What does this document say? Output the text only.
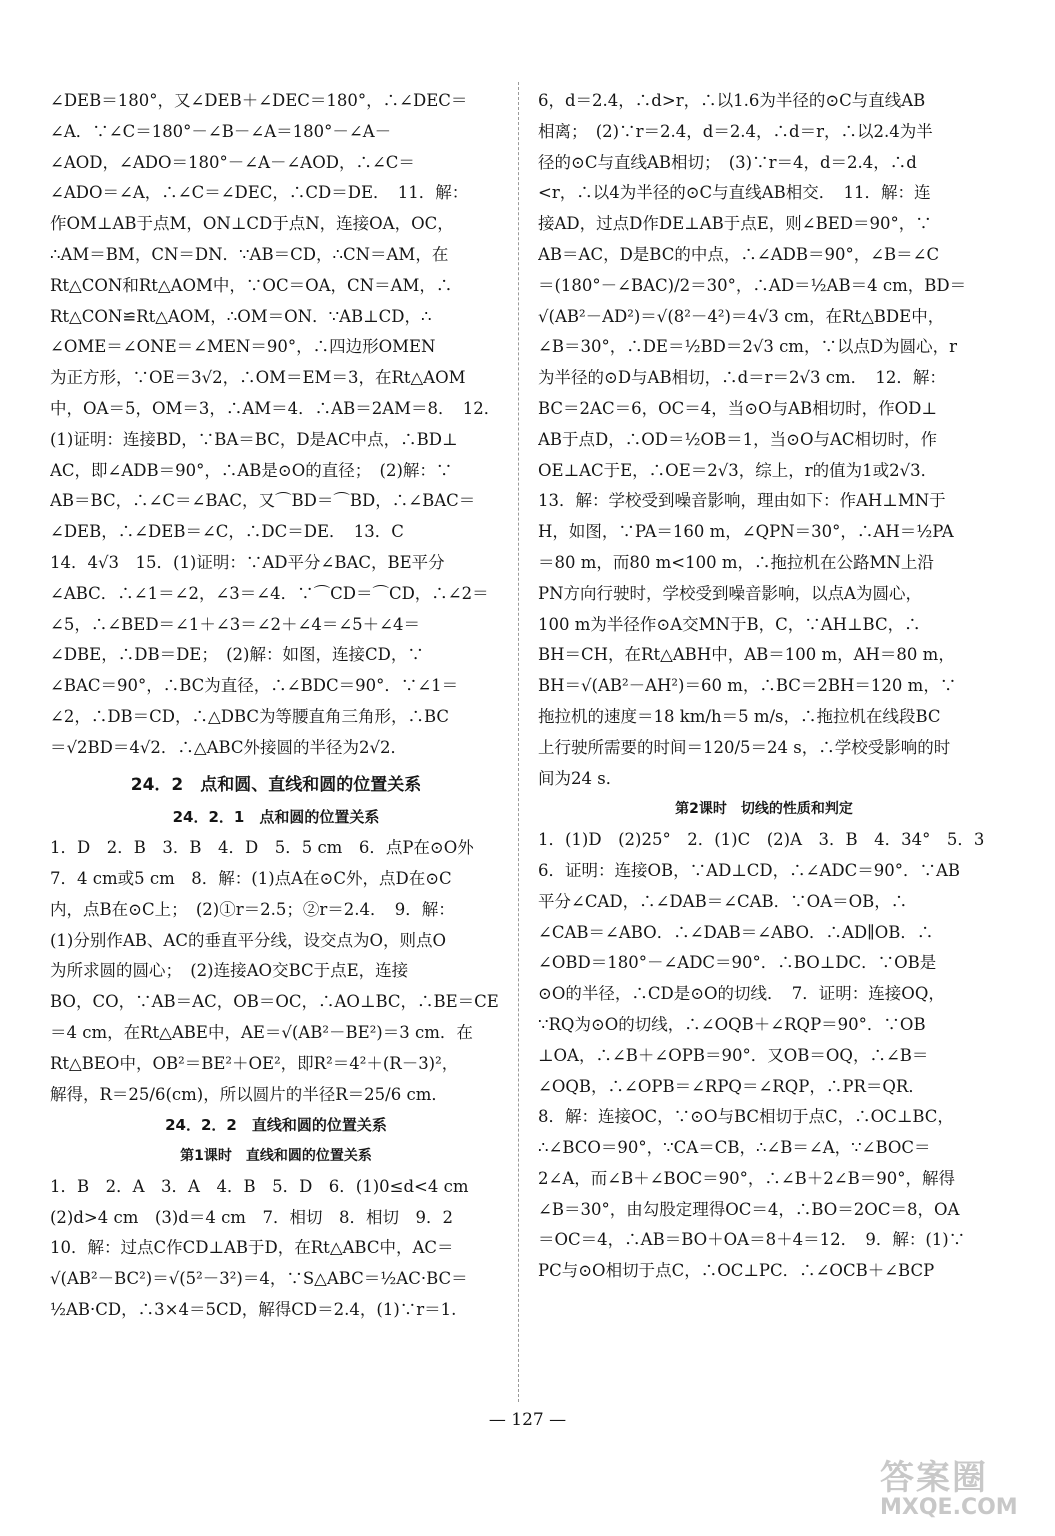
∠DEB＝180°，又∠DEB＋∠DEC＝180°，∴∠DEC＝
∠A．∵∠C＝180°－∠B－∠A＝180°－∠A－
∠AOD，∠ADO＝180°－∠A－∠AOD，∴∠C＝
∠ADO＝∠A，∴∠C＝∠DEC，∴CD＝DE．　11．解：
作OM⊥AB于点M，ON⊥CD于点N，连接OA，OC，
∴AM＝BM，CN＝DN．∵AB＝CD，∴CN＝AM，在
Rt△CON和Rt△AOM中，∵OC＝OA，CN＝AM，∴
Rt△CON≌Rt△AOM，∴OM＝ON．∵AB⊥CD，∴
∠OME＝∠ONE＝∠MEN＝90°，∴四边形OMEN
为正方形，∵OE＝3√2，∴OM＝EM＝3，在Rt△AOM
中，OA＝5，OM＝3，∴AM＝4．∴AB＝2AM＝8．　12．
(1)证明：连接BD，∵BA＝BC，D是AC中点，∴BD⊥
AC，即∠ADB＝90°，∴AB是⊙O的直径；　(2)解：∵
AB＝BC，∴∠C＝∠BAC，又⌒BD＝⌒BD，∴∠BAC＝
∠DEB，∴∠DEB＝∠C，∴DC＝DE．　13．C
14．4√3　15．(1)证明：∵AD平分∠BAC，BE平分
∠ABC．∴∠1＝∠2，∠3＝∠4．∵⌒CD＝⌒CD，∴∠2＝
∠5，∴∠BED＝∠1＋∠3＝∠2＋∠4＝∠5＋∠4＝
∠DBE，∴DB＝DE；　(2)解：如图，连接CD，∵
∠BAC＝90°，∴BC为直径，∴∠BDC＝90°．∵∠1＝
∠2，∴DB＝CD，∴△DBC为等腰直角三角形，∴BC
＝√2BD＝4√2．∴△ABC外接圆的半径为2√2．
24．2　点和圆、直线和圆的位置关系
24．2．1　点和圆的位置关系
1．D　2．B　3．B　4．D　5．5 cm　6．点P在⊙O外
7．4 cm或5 cm　8．解：(1)点A在⊙C外，点D在⊙C
内，点B在⊙C上；　(2)①r＝2.5；②r＝2.4．　9．解：
(1)分别作AB、AC的垂直平分线，设交点为O，则点O
为所求圆的圆心；　(2)连接AO交BC于点E，连接
BO，CO，∵AB＝AC，OB＝OC，∴AO⊥BC，∴BE＝CE
＝4 cm，在Rt△ABE中，AE＝√(AB²－BE²)＝3 cm．在
Rt△BEO中，OB²＝BE²＋OE²，即R²＝4²＋(R－3)²，
解得，R＝25/6(cm)，所以圆片的半径R＝25/6 cm．
24．2．2　直线和圆的位置关系
第1课时　直线和圆的位置关系
1．B　2．A　3．A　4．B　5．D　6．(1)0≤d<4 cm
(2)d>4 cm　(3)d＝4 cm　7．相切　8．相切　9．2
10．解：过点C作CD⊥AB于D，在Rt△ABC中，AC＝
√(AB²－BC²)＝√(5²－3²)＝4，∵S△ABC＝½AC·BC＝
½AB·CD，∴3×4＝5CD，解得CD＝2.4，(1)∵r＝1.
6，d＝2.4，∴d>r，∴以1.6为半径的⊙C与直线AB
相离；　(2)∵r＝2.4，d＝2.4，∴d＝r，∴以2.4为半
径的⊙C与直线AB相切；　(3)∵r＝4，d＝2.4，∴d
<r，∴以4为半径的⊙C与直线AB相交．　11．解：连
接AD，过点D作DE⊥AB于点E，则∠BED＝90°，∵
AB＝AC，D是BC的中点，∴∠ADB＝90°，∠B＝∠C
＝(180°－∠BAC)/2＝30°，∴AD＝½AB＝4 cm，BD＝
√(AB²－AD²)＝√(8²－4²)＝4√3 cm，在Rt△BDE中，
∠B＝30°，∴DE＝½BD＝2√3 cm，∵以点D为圆心，r
为半径的⊙D与AB相切，∴d＝r＝2√3 cm．　12．解：
BC＝2AC＝6，OC＝4，当⊙O与AB相切时，作OD⊥
AB于点D，∴OD＝½OB＝1，当⊙O与AC相切时，作
OE⊥AC于E，∴OE＝2√3，综上，r的值为1或2√3．
13．解：学校受到噪音影响，理由如下：作AH⊥MN于
H，如图，∵PA＝160 m，∠QPN＝30°，∴AH＝½PA
＝80 m，而80 m<100 m，∴拖拉机在公路MN上沿
PN方向行驶时，学校受到噪音影响，以点A为圆心，
100 m为半径作⊙A交MN于B，C，∵AH⊥BC，∴
BH＝CH，在Rt△ABH中，AB＝100 m，AH＝80 m，
BH＝√(AB²－AH²)＝60 m，∴BC＝2BH＝120 m，∵
拖拉机的速度＝18 km/h＝5 m/s，∴拖拉机在线段BC
上行驶所需要的时间＝120/5＝24 s，∴学校受影响的时
间为24 s．
第2课时　切线的性质和判定
1．(1)D　(2)25°　2．(1)C　(2)A　3．B　4．34°　5．3
6．证明：连接OB，∵AD⊥CD，∴∠ADC＝90°．∵AB
平分∠CAD，∴∠DAB＝∠CAB．∵OA＝OB，∴
∠CAB＝∠ABO．∴∠DAB＝∠ABO．∴AD∥OB．∴
∠OBD＝180°－∠ADC＝90°．∴BO⊥DC．∵OB是
⊙O的半径，∴CD是⊙O的切线．　7．证明：连接OQ，
∵RQ为⊙O的切线，∴∠OQB＋∠RQP＝90°．∵OB
⊥OA，∴∠B＋∠OPB＝90°．又OB＝OQ，∴∠B＝
∠OQB，∴∠OPB＝∠RPQ＝∠RQP，∴PR＝QR．
8．解：连接OC，∵⊙O与BC相切于点C，∴OC⊥BC，
∴∠BCO＝90°，∵CA＝CB，∴∠B＝∠A，∵∠BOC＝
2∠A，而∠B＋∠BOC＝90°，∴∠B＋2∠B＝90°，解得
∠B＝30°，由勾股定理得OC＝4，∴BO＝2OC＝8，OA
＝OC＝4，∴AB＝BO＋OA＝8＋4＝12．　9．解：(1)∵
PC与⊙O相切于点C，∴OC⊥PC．∴∠OCB＋∠BCP
— 127 —
答案圈
MXQE.COM
